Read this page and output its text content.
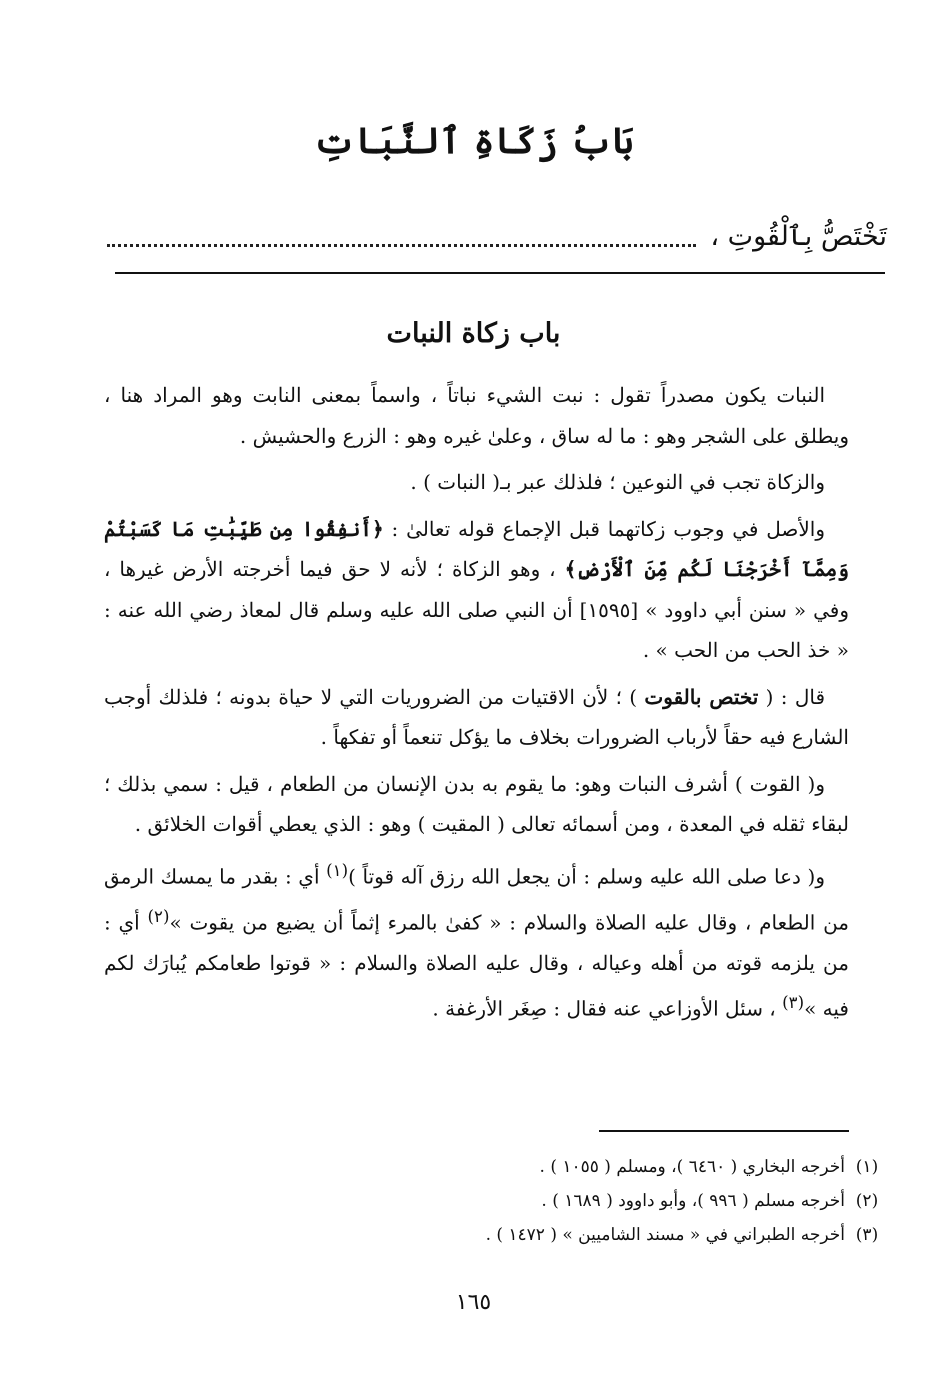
بَابُ زَكَاةِ ٱلنَّبَاتِ
تَخْتَصُّ بِٱلْقُوتِ ،
باب زكاة النبات

النبات يكون مصدراً تقول : نبت الشيء نباتاً ، واسماً بمعنى النابت وهو المراد هنا ، ويطلق على الشجر وهو : ما له ساق ، وعلىٰ غيره وهو : الزرع والحشيش .

والزكاة تجب في النوعين ؛ فلذلك عبر بـ( النبات ) .

والأصل في وجوب زكاتهما قبل الإجماع قوله تعالىٰ : ﴿أَنفِقُوا مِن طَيِّبَٰتِ مَا كَسَبْتُمْ وَمِمَّآ أَخْرَجْنَا لَكُم مِّنَ ٱلْأَرْضِ﴾ ، وهو الزكاة ؛ لأنه لا حق فيما أخرجته الأرض غيرها ، وفي « سنن أبي داوود » [١٥٩٥] أن النبي صلى الله عليه وسلم قال لمعاذ رضي الله عنه : « خذ الحب من الحب » .

قال : ( تختص بالقوت ) ؛ لأن الاقتيات من الضروريات التي لا حياة بدونه ؛ فلذلك أوجب الشارع فيه حقاً لأرباب الضرورات بخلاف ما يؤكل تنعماً أو تفكهاً .

و( القوت ) أشرف النبات وهو: ما يقوم به بدن الإنسان من الطعام ، قيل : سمي بذلك ؛ لبقاء ثقله في المعدة ، ومن أسمائه تعالى ( المقيت ) وهو : الذي يعطي أقوات الخلائق .

و( دعا صلى الله عليه وسلم : أن يجعل الله رزق آله قوتاً )$^{(١)}$ أي : بقدر ما يمسك الرمق من الطعام ، وقال عليه الصلاة والسلام : « كفىٰ بالمرء إثماً أن يضيع من يقوت »$^{(٢)}$ أي : من يلزمه قوته من أهله وعياله ، وقال عليه الصلاة والسلام : « قوتوا طعامكم يُبارَك لكم فيه »$^{(٣)}$ ، سئل الأوزاعي عنه فقال : صِغَر الأرغفة .

(١)
أخرجه البخاري ( ٦٤٦٠ )، ومسلم ( ١٠٥٥ ) .
(٢)
أخرجه مسلم ( ٩٩٦ )، وأبو داوود ( ١٦٨٩ ) .
(٣)
أخرجه الطبراني في « مسند الشاميين » ( ١٤٧٢ ) .
١٦٥
